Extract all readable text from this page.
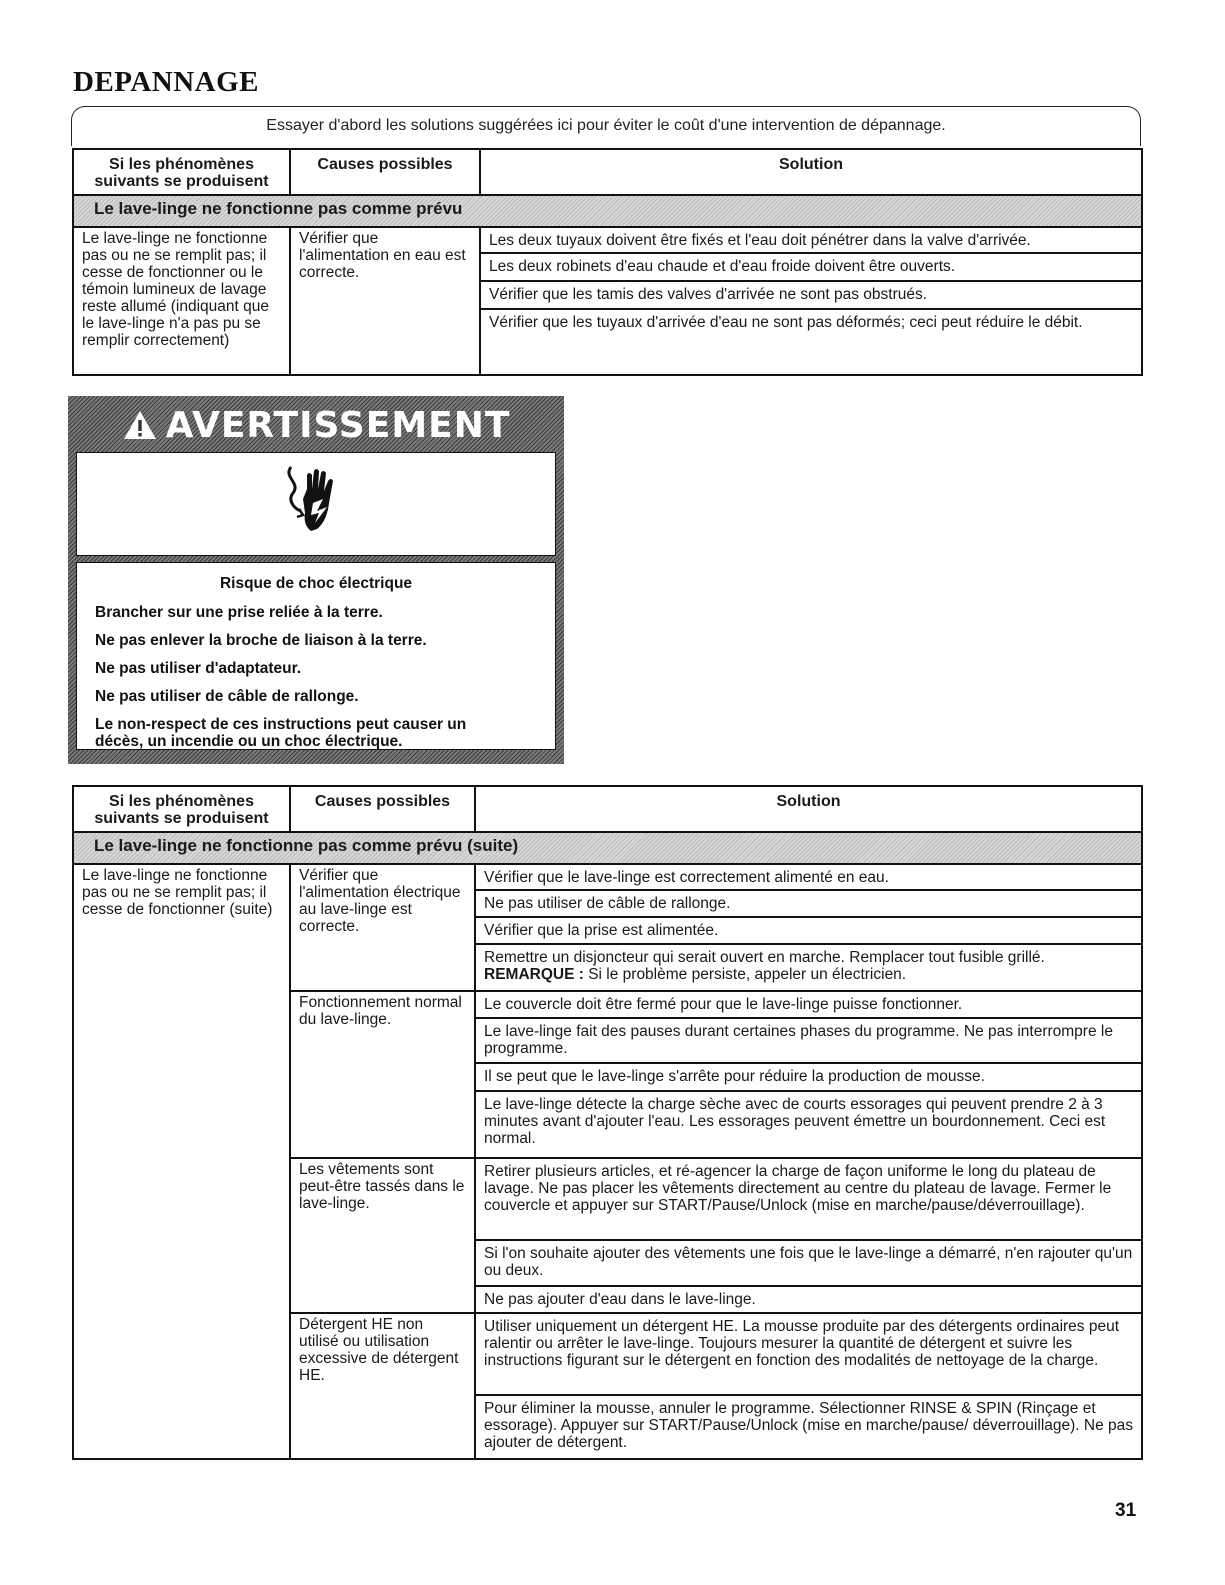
DEPANNAGE
Essayer d'abord les solutions suggérées ici pour éviter le coût d'une intervention de dépannage.
Si les phénomènes suivants se produisent	Causes possibles	Solution
Le lave-linge ne fonctionne pas comme prévu		
Le lave-linge ne fonctionne pas ou ne se remplit pas; il cesse de fonctionner ou le témoin lumineux de lavage reste allumé (indiquant que le lave-linge n'a pas pu se remplir correctement)	Vérifier que l'alimentation en eau est correcte.	Les deux tuyaux doivent être fixés et l'eau doit pénétrer dans la valve d'arrivée.
		Les deux robinets d'eau chaude et d'eau froide doivent être ouverts.
		Vérifier que les tamis des valves d'arrivée ne sont pas obstrués.
		Vérifier que les tuyaux d'arrivée d'eau ne sont pas déformés; ceci peut réduire le débit.
AVERTISSEMENT
Risque de choc électrique
Brancher sur une prise reliée à la terre.
Ne pas enlever la broche de liaison à la terre.
Ne pas utiliser d'adaptateur.
Ne pas utiliser de câble de rallonge.
Le non-respect de ces instructions peut causer un décès, un incendie ou un choc électrique.
Si les phénomènes suivants se produisent	Causes possibles	Solution
Le lave-linge ne fonctionne pas comme prévu (suite)		
Le lave-linge ne fonctionne pas ou ne se remplit pas; il cesse de fonctionner (suite)	Vérifier que l'alimentation électrique au lave-linge est correcte.	Vérifier que le lave-linge est correctement alimenté en eau.
		Ne pas utiliser de câble de rallonge.
		Vérifier que la prise est alimentée.

		Remettre un disjoncteur qui serait ouvert en marche. Remplacer tout fusible grillé.
REMARQUE : Si le problème persiste, appeler un électricien.

	Fonctionnement normal du lave-linge.	Le couvercle doit être fermé pour que le lave-linge puisse fonctionner.
		Le lave-linge fait des pauses durant certaines phases du programme. Ne pas interrompre le programme.
		Il se peut que le lave-linge s'arrête pour réduire la production de mousse.
		Le lave-linge détecte la charge sèche avec de courts essorages qui peuvent prendre 2 à 3 minutes avant d'ajouter l'eau. Les essorages peuvent émettre un bourdonnement. Ceci est normal.
	Les vêtements sont peut-être tassés dans le lave-linge.	Retirer plusieurs articles, et ré-agencer la charge de façon uniforme le long du plateau de lavage. Ne pas placer les vêtements directement au centre du plateau de lavage. Fermer le couvercle et appuyer sur START/Pause/Unlock (mise en marche/pause/déverrouillage).
		Si l'on souhaite ajouter des vêtements une fois que le lave-linge a démarré, n'en rajouter qu'un ou deux.
		Ne pas ajouter d'eau dans le lave-linge.
	Détergent HE non utilisé ou utilisation excessive de détergent HE.	Utiliser uniquement un détergent HE. La mousse produite par des détergents ordinaires peut ralentir ou arrêter le lave-linge. Toujours mesurer la quantité de détergent et suivre les instructions figurant sur le détergent en fonction des modalités de nettoyage de la charge.
		Pour éliminer la mousse, annuler le programme. Sélectionner RINSE & SPIN (Rinçage et essorage). Appuyer sur START/Pause/Unlock (mise en marche/pause/ déverrouillage). Ne pas ajouter de détergent.
31
